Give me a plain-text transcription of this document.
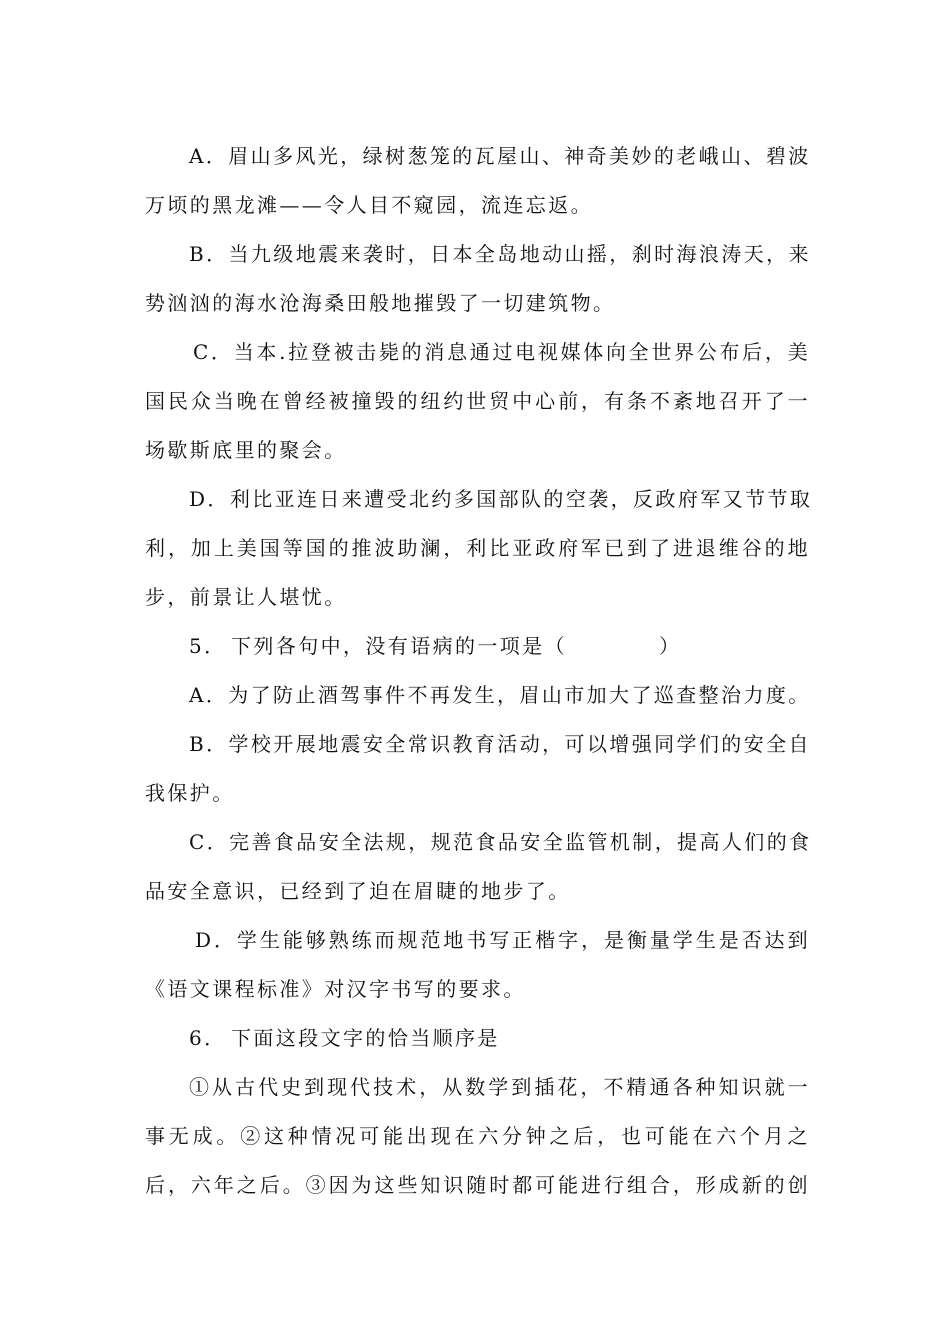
A．眉山多风光，绿树葱笼的瓦屋山、神奇美妙的老峨山、碧波
万顷的黑龙滩——令人目不窥园，流连忘返。
B．当九级地震来袭时，日本全岛地动山摇，刹时海浪涛天，来
势汹汹的海水沧海桑田般地摧毁了一切建筑物。
C．当本.拉登被击毙的消息通过电视媒体向全世界公布后，美
国民众当晚在曾经被撞毁的纽约世贸中心前，有条不紊地召开了一
场歇斯底里的聚会。
D．利比亚连日来遭受北约多国部队的空袭，反政府军又节节取
利，加上美国等国的推波助澜，利比亚政府军已到了进退维谷的地
步，前景让人堪忧。
5． 下列各句中，没有语病的一项是（	）
A．为了防止酒驾事件不再发生，眉山市加大了巡查整治力度。
B．学校开展地震安全常识教育活动，可以增强同学们的安全自
我保护。
C．完善食品安全法规，规范食品安全监管机制，提高人们的食
品安全意识，已经到了迫在眉睫的地步了。
D．学生能够熟练而规范地书写正楷字，是衡量学生是否达到
《语文课程标准》对汉字书写的要求。
6． 下面这段文字的恰当顺序是
①从古代史到现代技术，从数学到插花，不精通各种知识就一
事无成。②这种情况可能出现在六分钟之后，也可能在六个月之
后，六年之后。③因为这些知识随时都可能进行组合，形成新的创
